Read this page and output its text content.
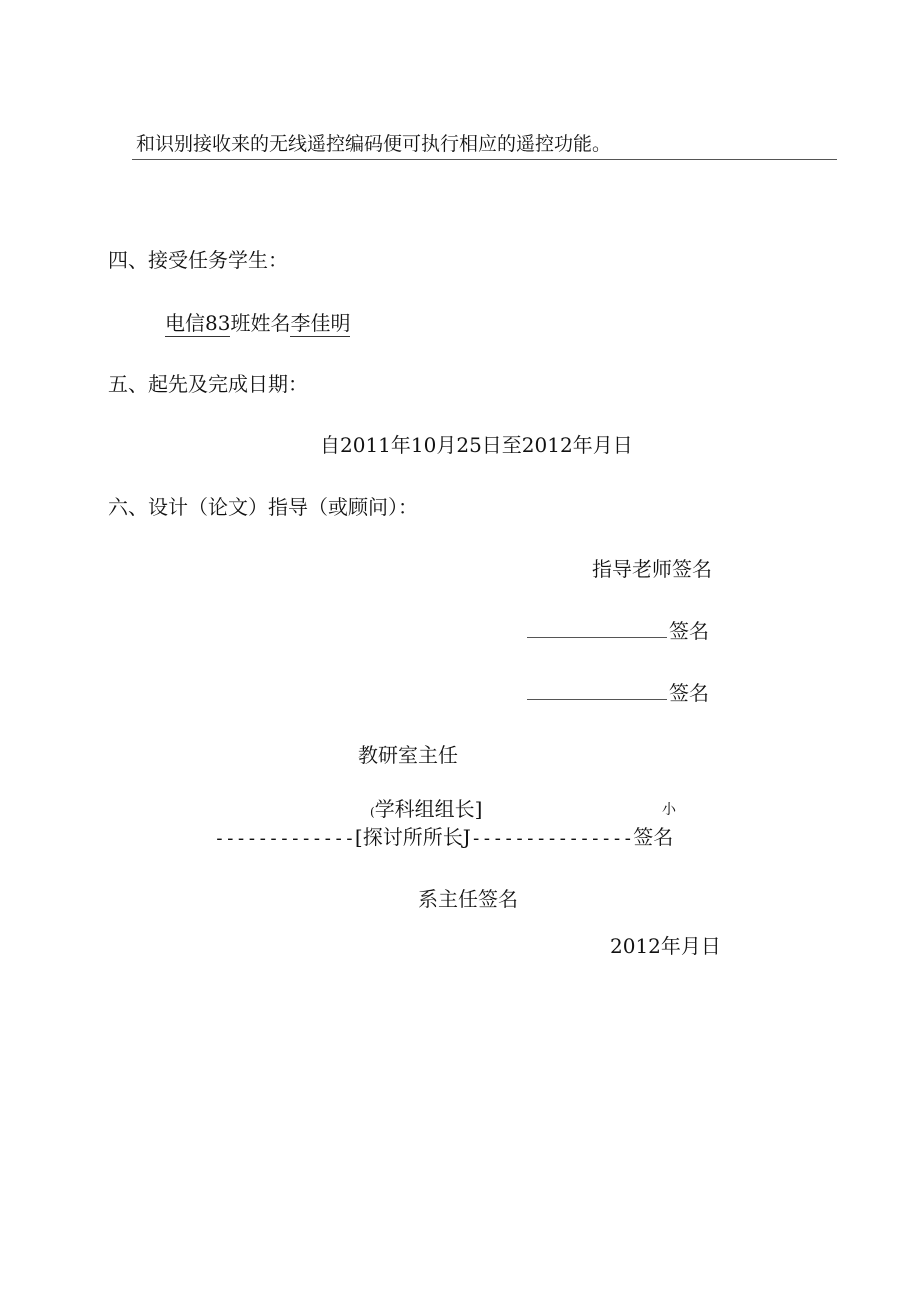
和识别接收来的无线遥控编码便可执行相应的遥控功能。
四、接受任务学生：
电信83班姓名李佳明
五、起先及完成日期：
自2011年10月25日至2012年月日
六、设计（论文）指导（或顾问）：
指导老师签名
签名
签名
教研室主任
(学科组组长]	小
-------------[探讨所所长J---------------签名
系主任签名
2012年月日
